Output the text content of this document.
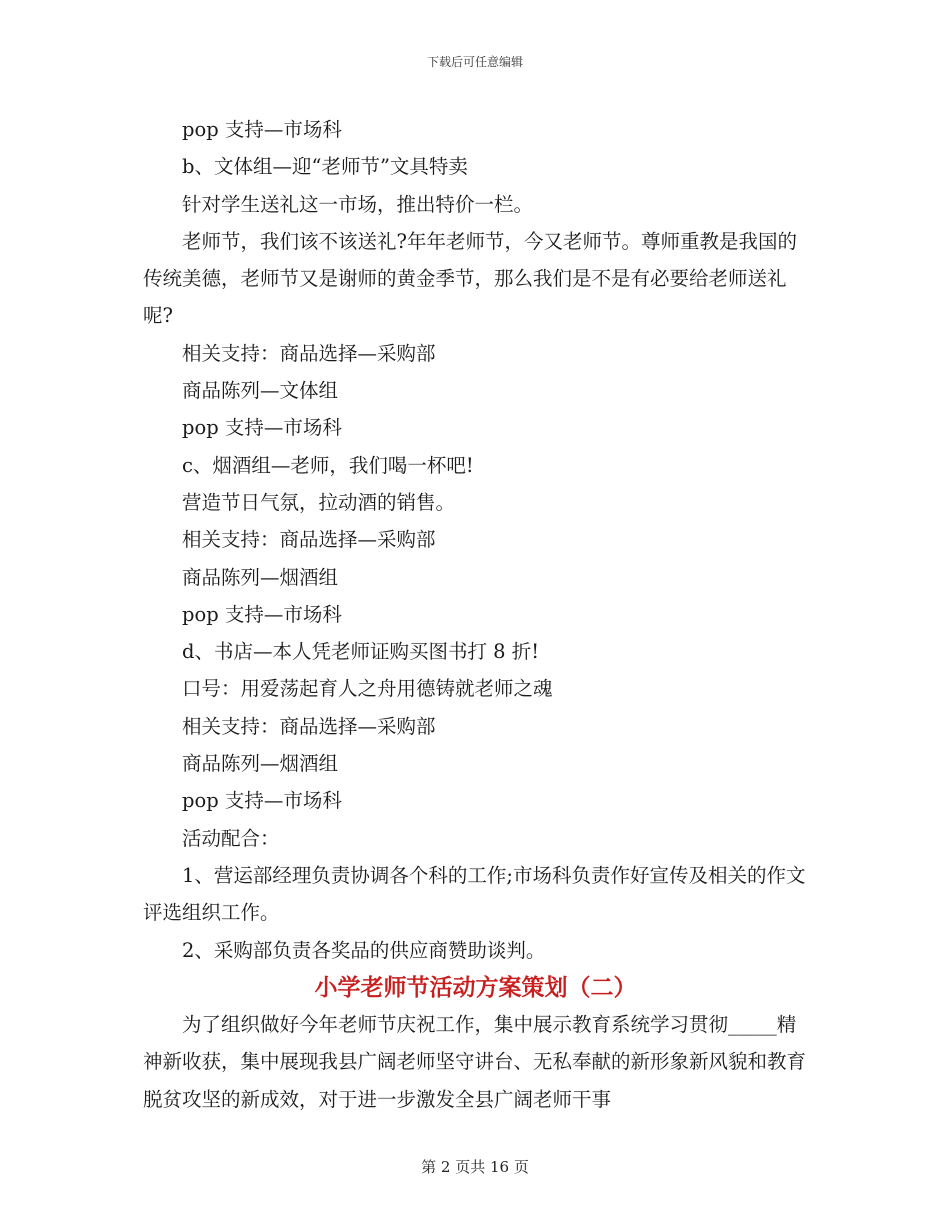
下载后可任意编辑

pop 支持—市场科

b、文体组—迎“老师节”文具特卖

针对学生送礼这一市场，推出特价一栏。

老师节，我们该不该送礼?年年老师节，今又老师节。尊师重教是我国的传统美德，老师节又是谢师的黄金季节，那么我们是不是有必要给老师送礼呢?

相关支持：商品选择—采购部

商品陈列—文体组

pop 支持—市场科

c、烟酒组—老师，我们喝一杯吧!

营造节日气氛，拉动酒的销售。

相关支持：商品选择—采购部

商品陈列—烟酒组

pop 支持—市场科

d、书店—本人凭老师证购买图书打 8 折!

口号：用爱荡起育人之舟用德铸就老师之魂

相关支持：商品选择—采购部

商品陈列—烟酒组

pop 支持—市场科

活动配合：

1、营运部经理负责协调各个科的工作;市场科负责作好宣传及相关的作文评选组织工作。

2、采购部负责各奖品的供应商赞助谈判。

小学老师节活动方案策划（二）

为了组织做好今年老师节庆祝工作，集中展示教育系统学习贯彻_____精神新收获，集中展现我县广阔老师坚守讲台、无私奉献的新形象新风貌和教育脱贫攻坚的新成效，对于进一步激发全县广阔老师干事

第 2 页共 16 页
